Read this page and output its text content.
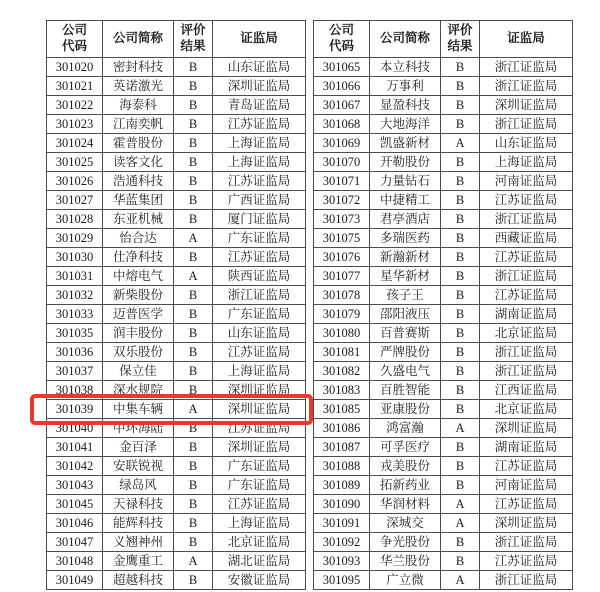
公司
代码	公司简称	评价
结果	证监局
301020	密封科技	B	山东证监局
301021	英诺激光	B	深圳证监局
301022	海泰科	B	青岛证监局
301023	江南奕帆	B	江苏证监局
301024	霍普股份	B	上海证监局
301025	读客文化	B	上海证监局
301026	浩通科技	B	江苏证监局
301027	华蓝集团	B	广西证监局
301028	东亚机械	B	厦门证监局
301029	怡合达	A	广东证监局
301030	仕净科技	B	江苏证监局
301031	中熔电气	A	陕西证监局
301032	新柴股份	B	浙江证监局
301033	迈普医学	B	广东证监局
301035	润丰股份	B	山东证监局
301036	双乐股份	B	江苏证监局
301037	保立佳	B	上海证监局
301038	深水规院	B	深圳证监局
301039	中集车辆	A	深圳证监局
301040	中环海陆	B	江苏证监局
301041	金百泽	B	深圳证监局
301042	安联锐视	B	广东证监局
301043	绿岛风	B	广东证监局
301045	天禄科技	B	江苏证监局
301046	能辉科技	B	上海证监局
301047	义翘神州	B	北京证监局
301048	金鹰重工	A	湖北证监局
301049	超越科技	B	安徽证监局
公司
代码	公司简称	评价
结果	证监局
301065	本立科技	B	浙江证监局
301066	万事利	B	浙江证监局
301067	显盈科技	B	深圳证监局
301068	大地海洋	B	浙江证监局
301069	凯盛新材	A	山东证监局
301070	开勒股份	B	上海证监局
301071	力量钻石	B	河南证监局
301072	中捷精工	B	江苏证监局
301073	君亭酒店	B	浙江证监局
301075	多瑞医药	B	西藏证监局
301076	新瀚新材	B	江苏证监局
301077	星华新材	B	浙江证监局
301078	孩子王	B	江苏证监局
301079	邵阳液压	B	湖南证监局
301080	百普赛斯	B	北京证监局
301081	严牌股份	B	浙江证监局
301082	久盛电气	B	浙江证监局
301083	百胜智能	B	江西证监局
301085	亚康股份	B	北京证监局
301086	鸿富瀚	A	深圳证监局
301087	可孚医疗	B	湖南证监局
301088	戎美股份	B	江苏证监局
301089	拓新药业	B	河南证监局
301090	华润材料	A	江苏证监局
301091	深城交	A	深圳证监局
301092	争光股份	B	浙江证监局
301093	华兰股份	B	江苏证监局
301095	广立微	A	浙江证监局
